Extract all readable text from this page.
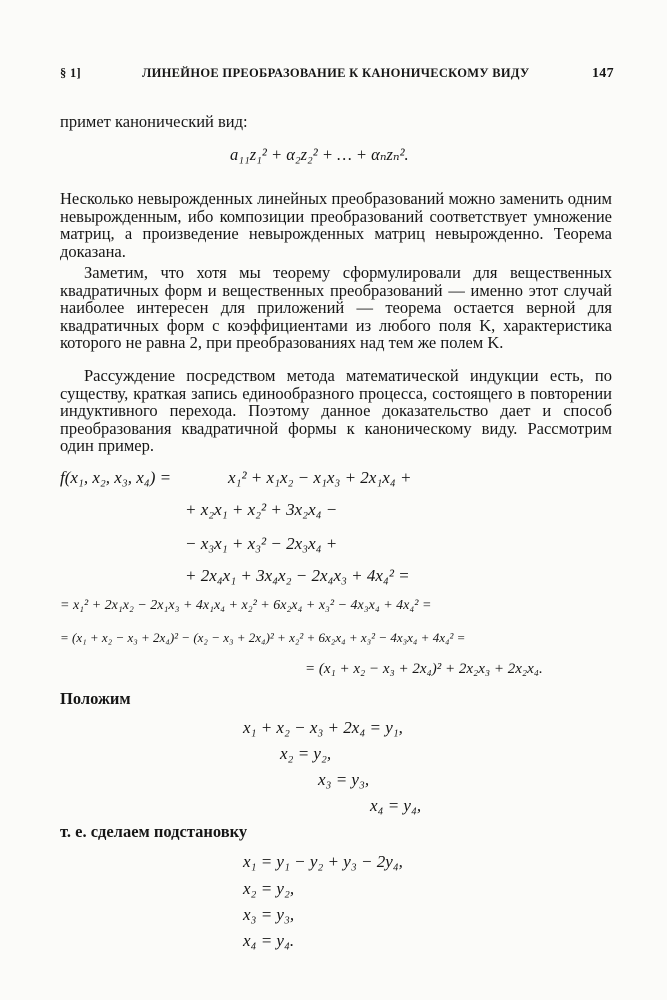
§ 1]	ЛИНЕЙНОЕ ПРЕОБРАЗОВАНИЕ К КАНОНИЧЕСКОМУ ВИДУ	147
примет канонический вид:
a₁₁z₁² + α₂z₂² + … + αₙzₙ².
Несколько невырожденных линейных преобразований можно заменить одним невырожденным, ибо композиции преобразований соответствует умножение матриц, а произведение невырожденных матриц невырожденно. Теорема доказана.
Заметим, что хотя мы теорему сформулировали для вещественных квадратичных форм и вещественных преобразований — именно этот случай наиболее интересен для приложений — теорема остается верной для квадратичных форм с коэффициентами из любого поля K, характеристика которого не равна 2, при преобразованиях над тем же полем K.
Рассуждение посредством метода математической индукции есть, по существу, краткая запись единообразного процесса, состоящего в повторении индуктивного перехода. Поэтому данное доказательство дает и способ преобразования квадратичной формы к каноническому виду. Рассмотрим один пример.
f(x₁, x₂, x₃, x₄) =	x₁² + x₁x₂ − x₁x₃ + 2x₁x₄ +
+ x₂x₁ + x₂² + 3x₂x₄ −
− x₃x₁ + x₃² − 2x₃x₄ +
+ 2x₄x₁ + 3x₄x₂ − 2x₄x₃ + 4x₄² =
= x₁² + 2x₁x₂ − 2x₁x₃ + 4x₁x₄ + x₂² + 6x₂x₄ + x₃² − 4x₃x₄ + 4x₄² =
= (x₁ + x₂ − x₃ + 2x₄)² − (x₂ − x₃ + 2x₄)² + x₂² + 6x₂x₄ + x₃² − 4x₃x₄ + 4x₄² =
= (x₁ + x₂ − x₃ + 2x₄)² + 2x₂x₃ + 2x₂x₄.
Положим
x₁ + x₂ − x₃ + 2x₄ = y₁,
x₂ = y₂,
x₃ = y₃,
x₄ = y₄,
т. е. сделаем подстановку
x₁ = y₁ − y₂ + y₃ − 2y₄,
x₂ = y₂,
x₃ = y₃,
x₄ = y₄.
